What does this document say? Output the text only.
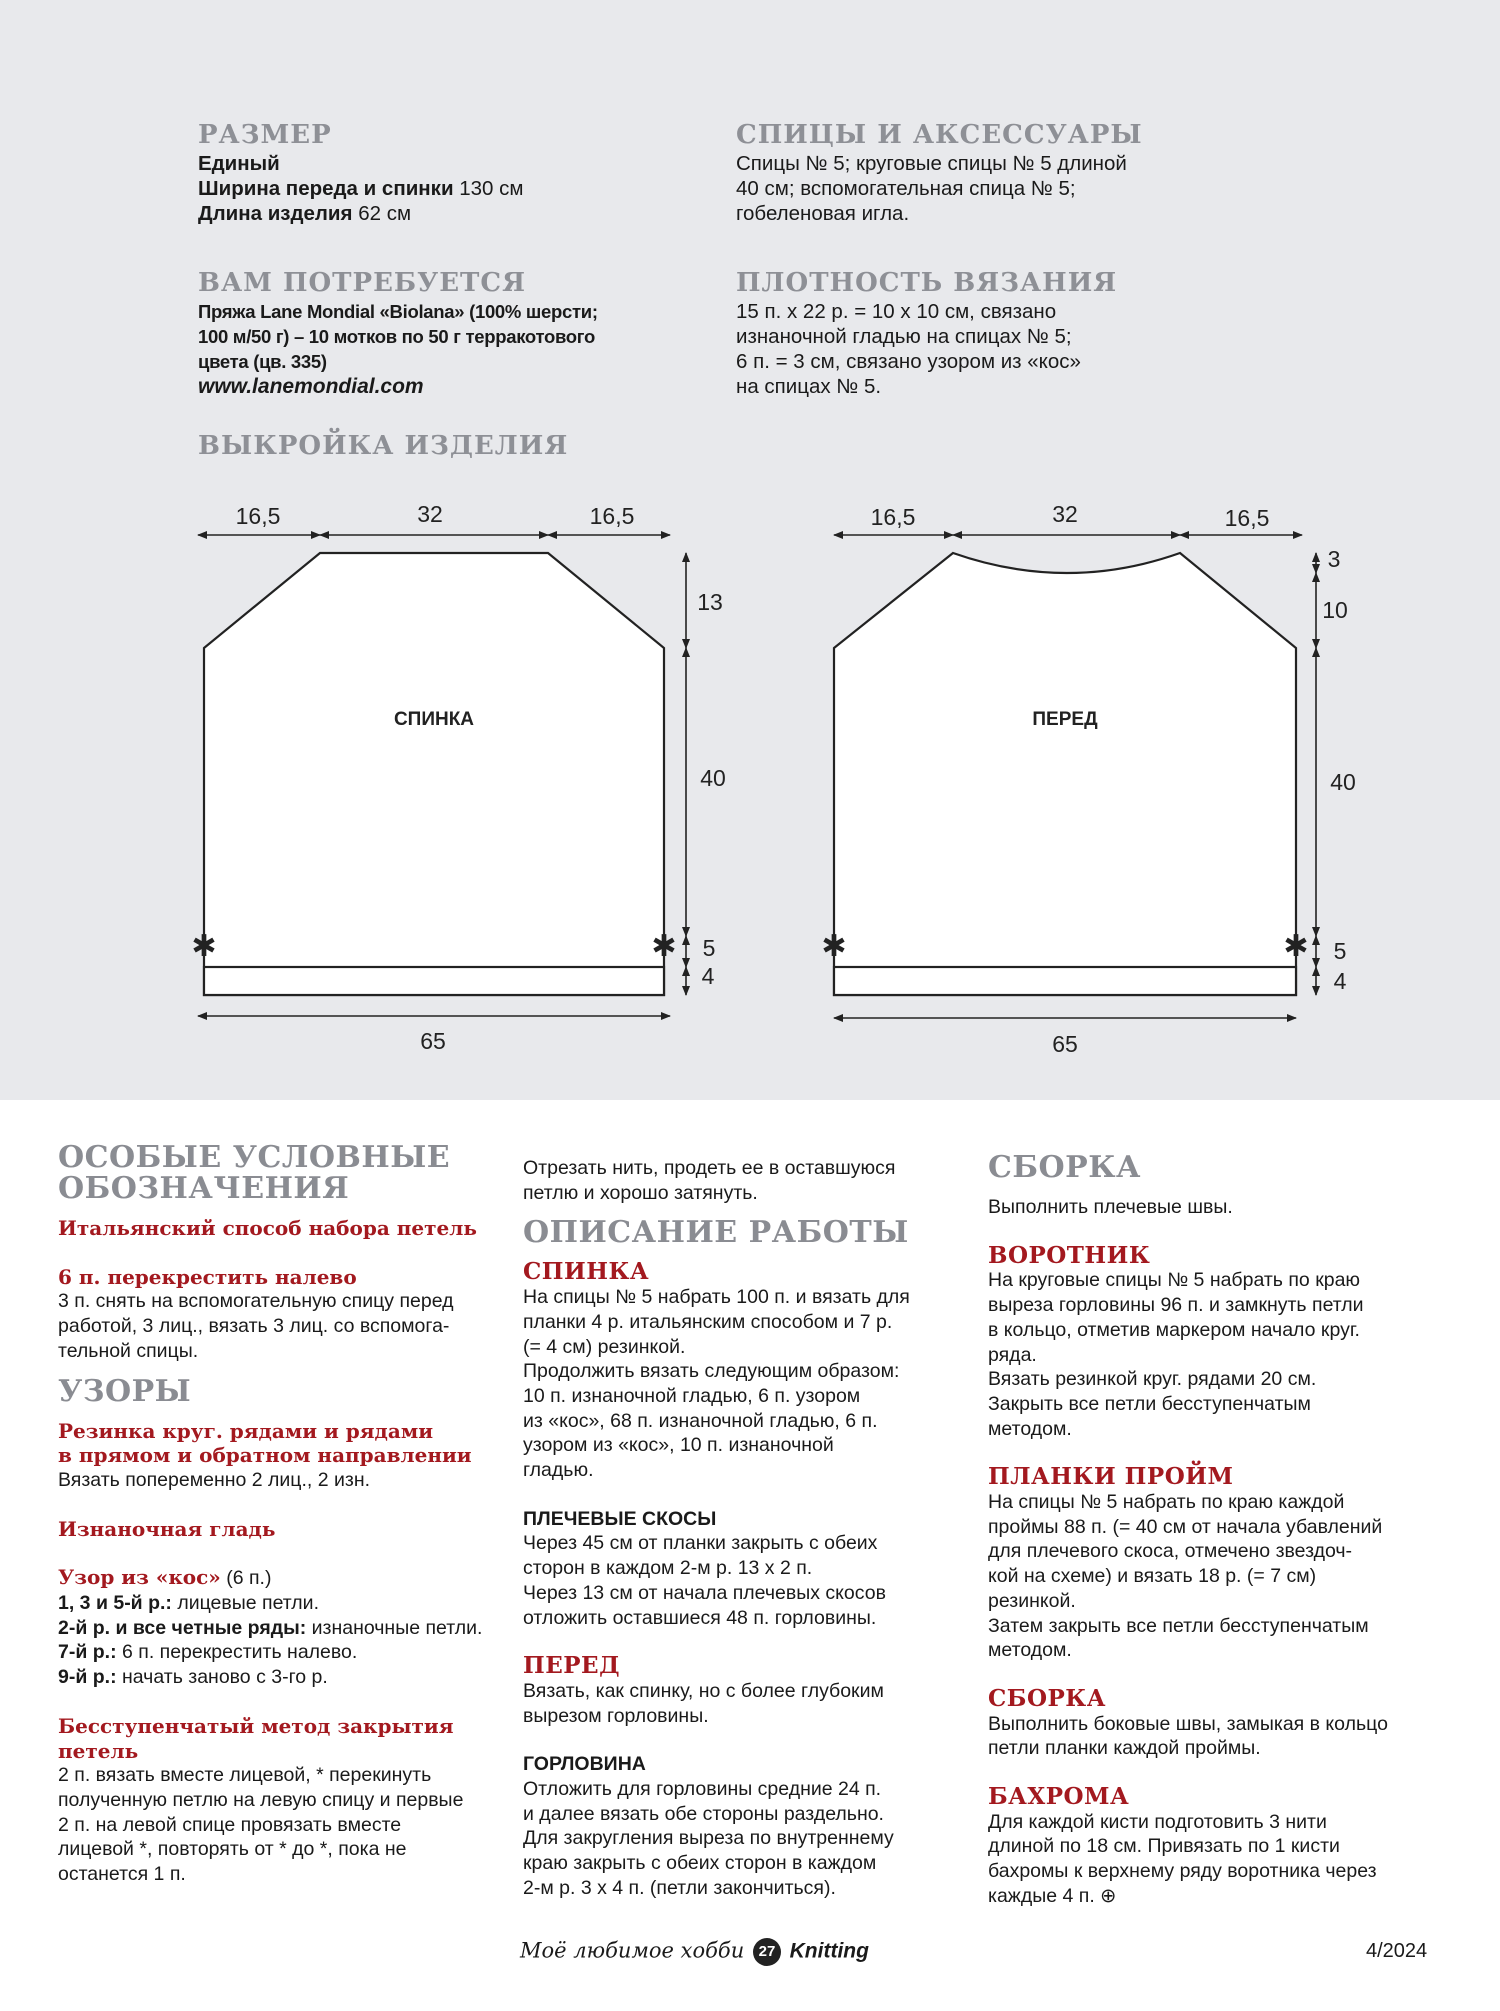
РАЗМЕР
Единый
Ширина переда и спинки 130 см
Длина изделия 62 см
СПИЦЫ И АКСЕССУАРЫ
Спицы № 5; круговые спицы № 5 длиной
40 см; вспомогательная спица № 5;
гобеленовая игла.
ВАМ ПОТРЕБУЕТСЯ
Пряжа Lane Mondial «Biolana» (100% шерсти;
100 м/50 г) – 10 мотков по 50 г терракотового
цвета (цв. 335)
www.lanemondial.com
ПЛОТНОСТЬ ВЯЗАНИЯ
15 п. х 22 р. = 10 х 10 см, связано
изнаночной гладью на спицах № 5;
6 п. = 3 см, связано узором из «кос»
на спицах № 5.
ВЫКРОЙКА ИЗДЕЛИЯ
16,5	32	16,5
13
40
5
4
65
16,5	32	16,5
3
10
40
5
4
65
СПИНКА	ПЕРЕД
✱	✱	✱	✱
ОСОБЫЕ УСЛОВНЫЕ
ОБОЗНАЧЕНИЯ
Итальянский способ набора петель
6 п. перекрестить налево
3 п. снять на вспомогательную спицу перед
работой, 3 лиц., вязать 3 лиц. со вспомога-
тельной спицы.
УЗОРЫ
Резинка круг. рядами и рядами
в прямом и обратном направлении
Вязать попеременно 2 лиц., 2 изн.
Изнаночная гладь
Узор из «кос» (6 п.)
1, 3 и 5-й р.: лицевые петли.
2-й р. и все четные ряды: изнаночные петли.
7-й р.: 6 п. перекрестить налево.
9-й р.: начать заново с 3-го р.
Бесступенчатый метод закрытия
петель
2 п. вязать вместе лицевой, * перекинуть
полученную петлю на левую спицу и первые
2 п. на левой спице провязать вместе
лицевой *, повторять от * до *, пока не
останется 1 п.
Отрезать нить, продеть ее в оставшуюся
петлю и хорошо затянуть.
ОПИСАНИЕ РАБОТЫ
СПИНКА
На спицы № 5 набрать 100 п. и вязать для
планки 4 р. итальянским способом и 7 р.
(= 4 см) резинкой.
Продолжить вязать следующим образом:
10 п. изнаночной гладью, 6 п. узором
из «кос», 68 п. изнаночной гладью, 6 п.
узором из «кос», 10 п. изнаночной
гладью.
ПЛЕЧЕВЫЕ СКОСЫ
Через 45 см от планки закрыть с обеих
сторон в каждом 2-м р. 13 х 2 п.
Через 13 см от начала плечевых скосов
отложить оставшиеся 48 п. горловины.
ПЕРЕД
Вязать, как спинку, но с более глубоким
вырезом горловины.
ГОРЛОВИНА
Отложить для горловины средние 24 п.
и далее вязать обе стороны раздельно.
Для закругления выреза по внутреннему
краю закрыть с обеих сторон в каждом
2-м р. 3 х 4 п. (петли закончиться).
СБОРКА
Выполнить плечевые швы.
ВОРОТНИК
На круговые спицы № 5 набрать по краю
выреза горловины 96 п. и замкнуть петли
в кольцо, отметив маркером начало круг.
ряда.
Вязать резинкой круг. рядами 20 см.
Закрыть все петли бесступенчатым
методом.
ПЛАНКИ ПРОЙМ
На спицы № 5 набрать по краю каждой
проймы 88 п. (= 40 см от начала убавлений
для плечевого скоса, отмечено звездоч-
кой на схеме) и вязать 18 р. (= 7 см)
резинкой.
Затем закрыть все петли бесступенчатым
методом.
СБОРКА
Выполнить боковые швы, замыкая в кольцо
петли планки каждой проймы.
БАХРОМА
Для каждой кисти подготовить 3 нити
длиной по 18 см. Привязать по 1 кисти
бахромы к верхнему ряду воротника через
каждые 4 п. ⊕
Моё любимое хобби 27 Knitting	4/2024
